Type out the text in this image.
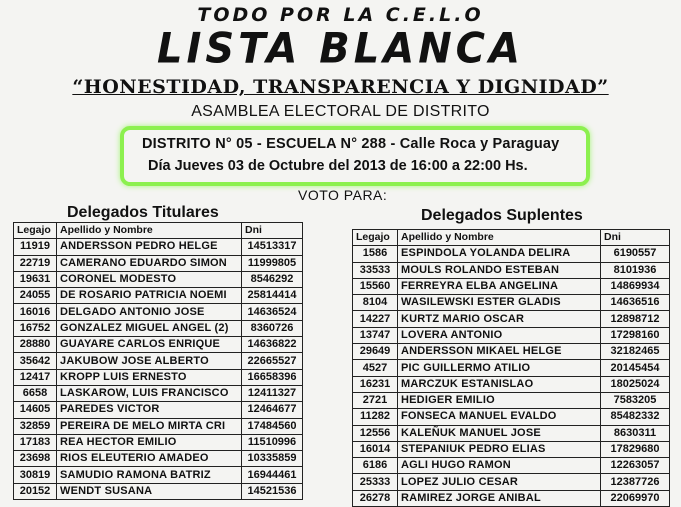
TODO POR LA C.E.L.O
LISTA BLANCA
“HONESTIDAD, TRANSPARENCIA Y DIGNIDAD”
ASAMBLEA ELECTORAL DE DISTRITO
DISTRITO N° 05 - ESCUELA N° 288 - Calle Roca y Paraguay
Día Jueves 03 de Octubre del 2013 de 16:00 a 22:00 Hs.
VOTO PARA:
Delegados Titulares	Delegados Suplentes
Legajo	Apellido y Nombre	Dni
11919	ANDERSSON PEDRO HELGE	14513317
22719	CAMERANO EDUARDO SIMON	11999805
19631	CORONEL MODESTO	8546292
24055	DE ROSARIO PATRICIA NOEMI	25814414
16016	DELGADO ANTONIO JOSE	14636524
16752	GONZALEZ MIGUEL ANGEL (2)	8360726
28880	GUAYARE CARLOS ENRIQUE	14636822
35642	JAKUBOW JOSE ALBERTO	22665527
12417	KROPP LUIS ERNESTO	16658396
6658	LASKAROW, LUIS FRANCISCO	12411327
14605	PAREDES VICTOR	12464677
32859	PEREIRA DE MELO MIRTA CRI	17484560
17183	REA HECTOR EMILIO	11510996
23698	RIOS ELEUTERIO AMADEO	10335859
30819	SAMUDIO RAMONA BATRIZ	16944461
20152	WENDT SUSANA	14521536
Legajo	Apellido y Nombre	Dni
1586	ESPINDOLA YOLANDA DELIRA	6190557
33533	MOULS ROLANDO ESTEBAN	8101936
15560	FERREYRA ELBA ANGELINA	14869934
8104	WASILEWSKI ESTER GLADIS	14636516
14227	KURTZ MARIO OSCAR	12898712
13747	LOVERA ANTONIO	17298160
29649	ANDERSSON MIKAEL HELGE	32182465
4527	PIC GUILLERMO ATILIO	20145454
16231	MARCZUK ESTANISLAO	18025024
2721	HEDIGER EMILIO	7583205
11282	FONSECA MANUEL EVALDO	85482332
12556	KALEÑUK MANUEL JOSE	8630311
16014	STEPANIUK PEDRO ELIAS	17829680
6186	AGLI HUGO RAMON	12263057
25333	LOPEZ JULIO CESAR	12387726
26278	RAMIREZ JORGE ANIBAL	22069970
